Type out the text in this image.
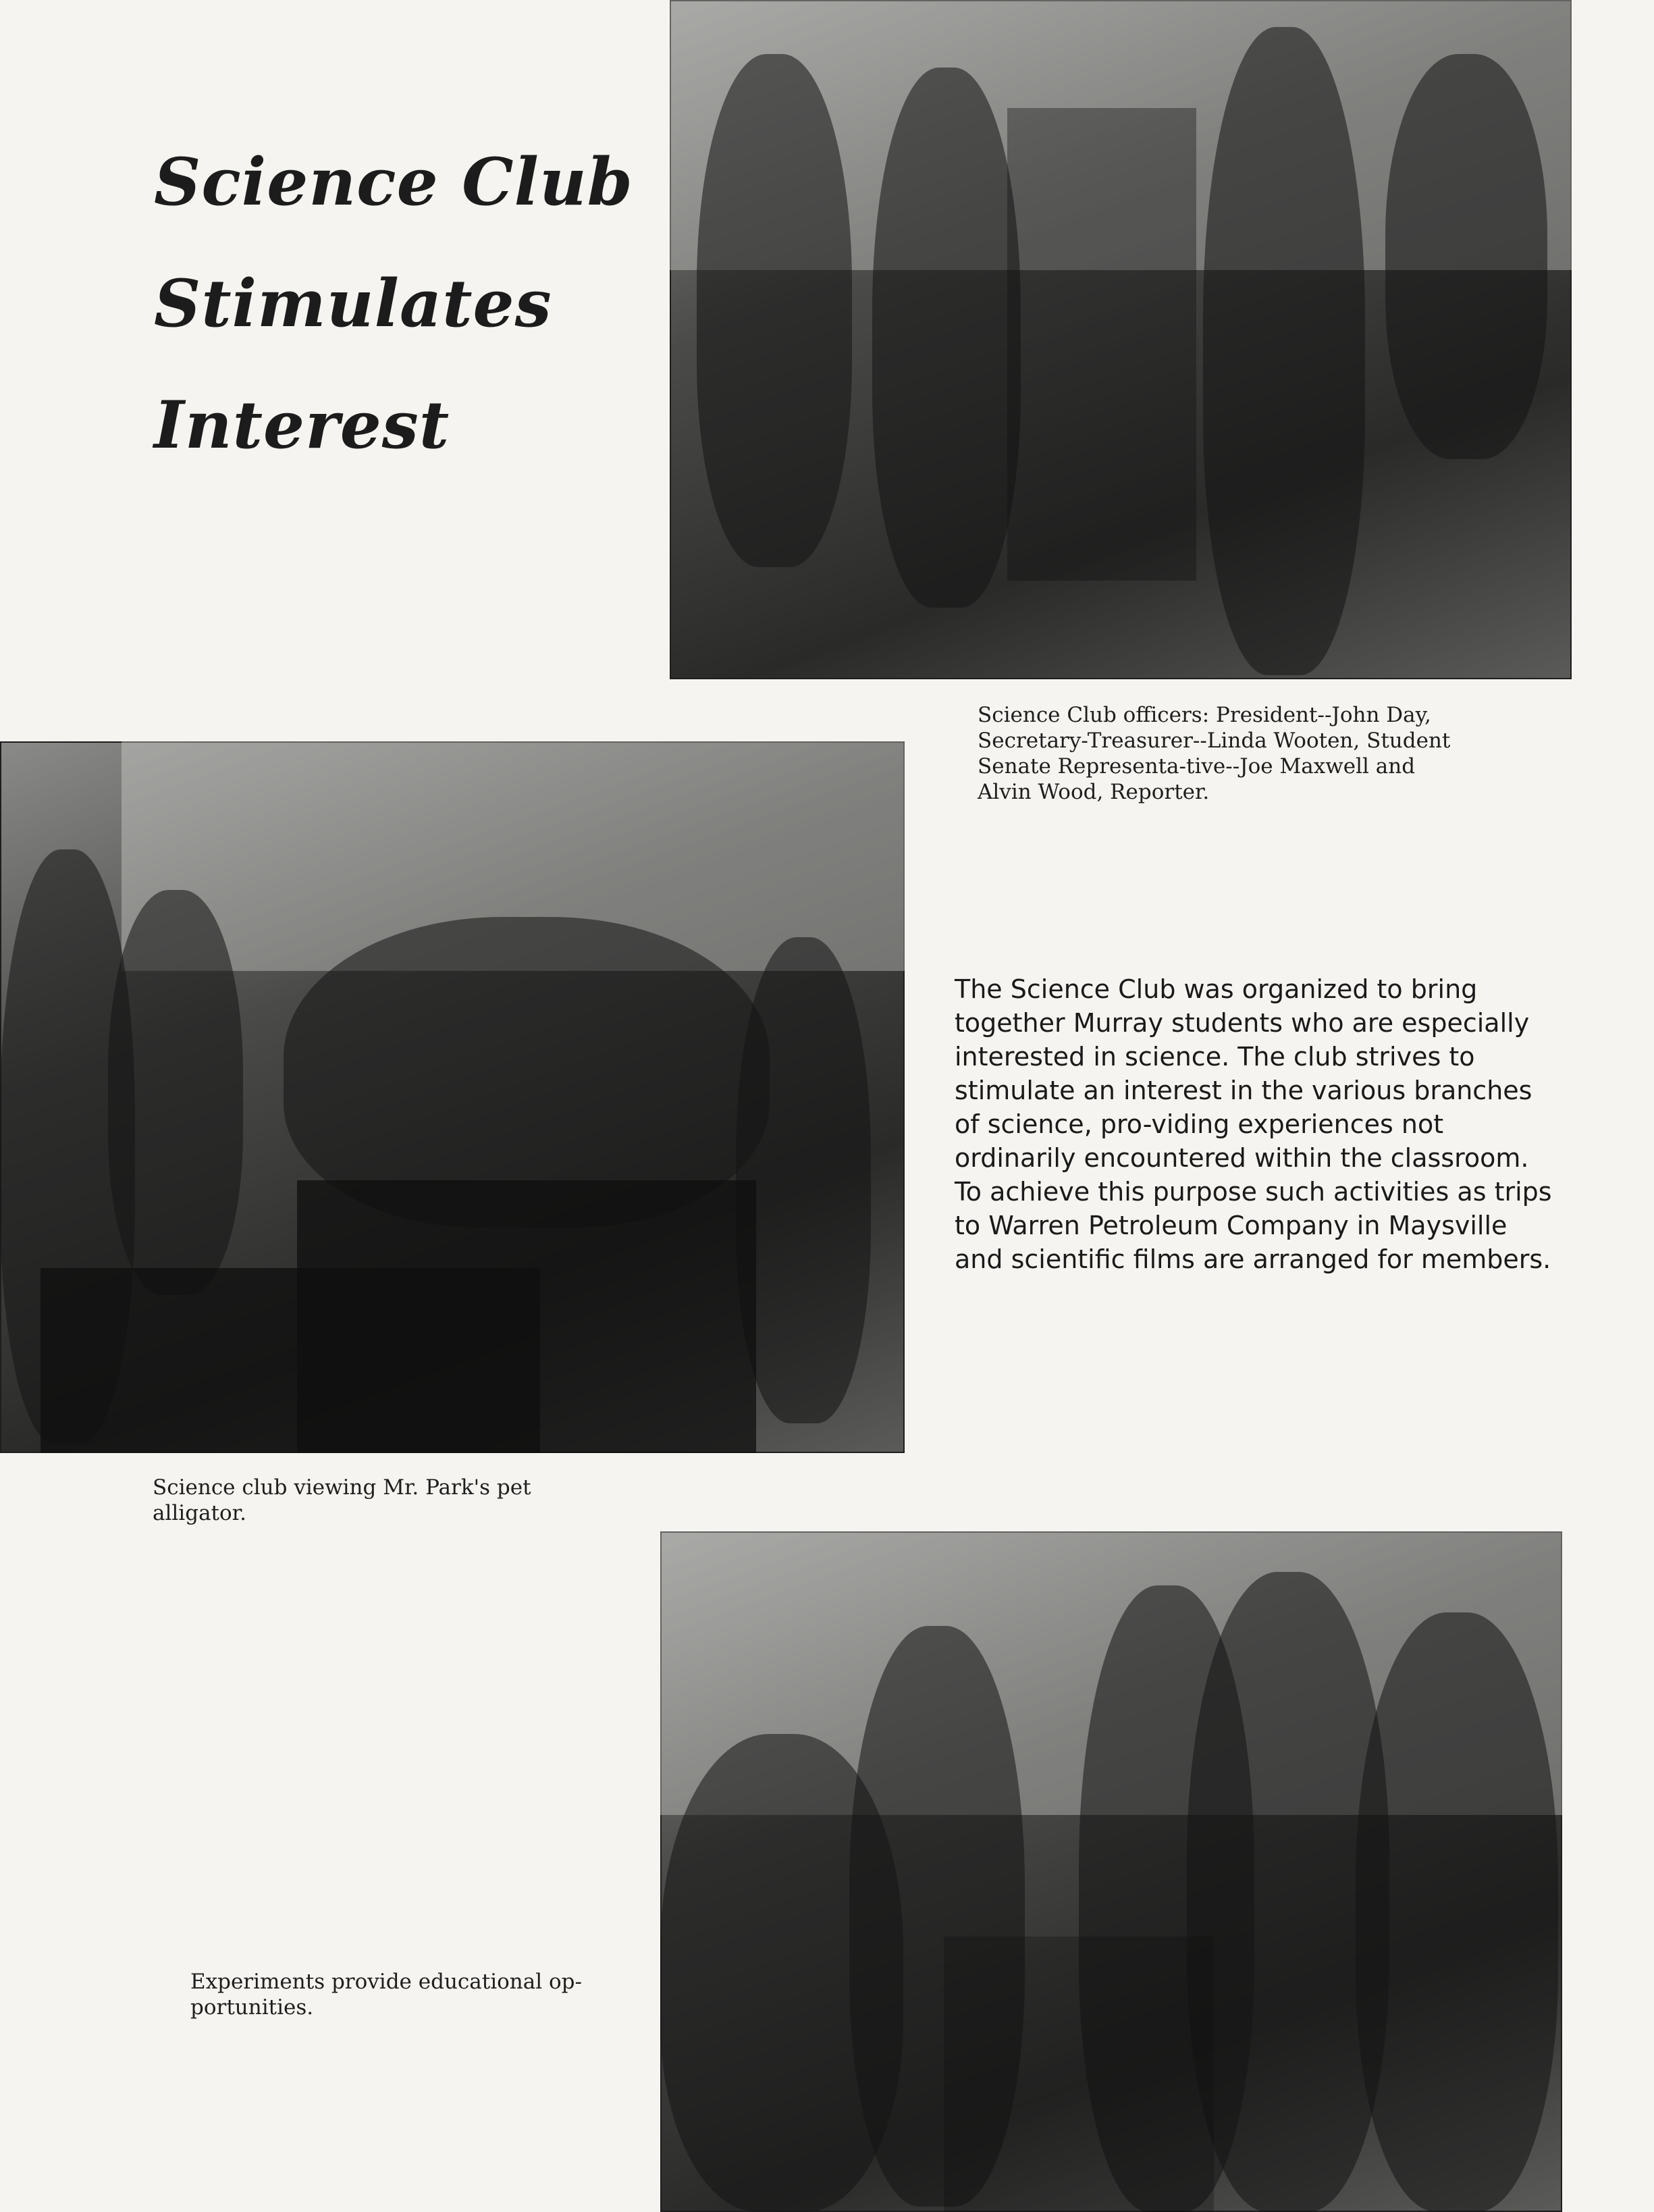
Science Club
Stimulates
Interest
Science Club officers: President--John Day, Secretary-Treasurer--Linda Wooten, Student Senate Representa-tive--Joe Maxwell and Alvin Wood, Reporter.
Science club viewing Mr. Park's pet alligator.
The Science Club was organized to bring together Murray students who are especially interested in science. The club strives to stimulate an interest in the various branches of science, pro-viding experiences not ordinarily encountered within the classroom. To achieve this purpose such activities as trips to Warren Petroleum Company in Maysville and scientific films are arranged for members.
Experiments provide educational op-portunities.
